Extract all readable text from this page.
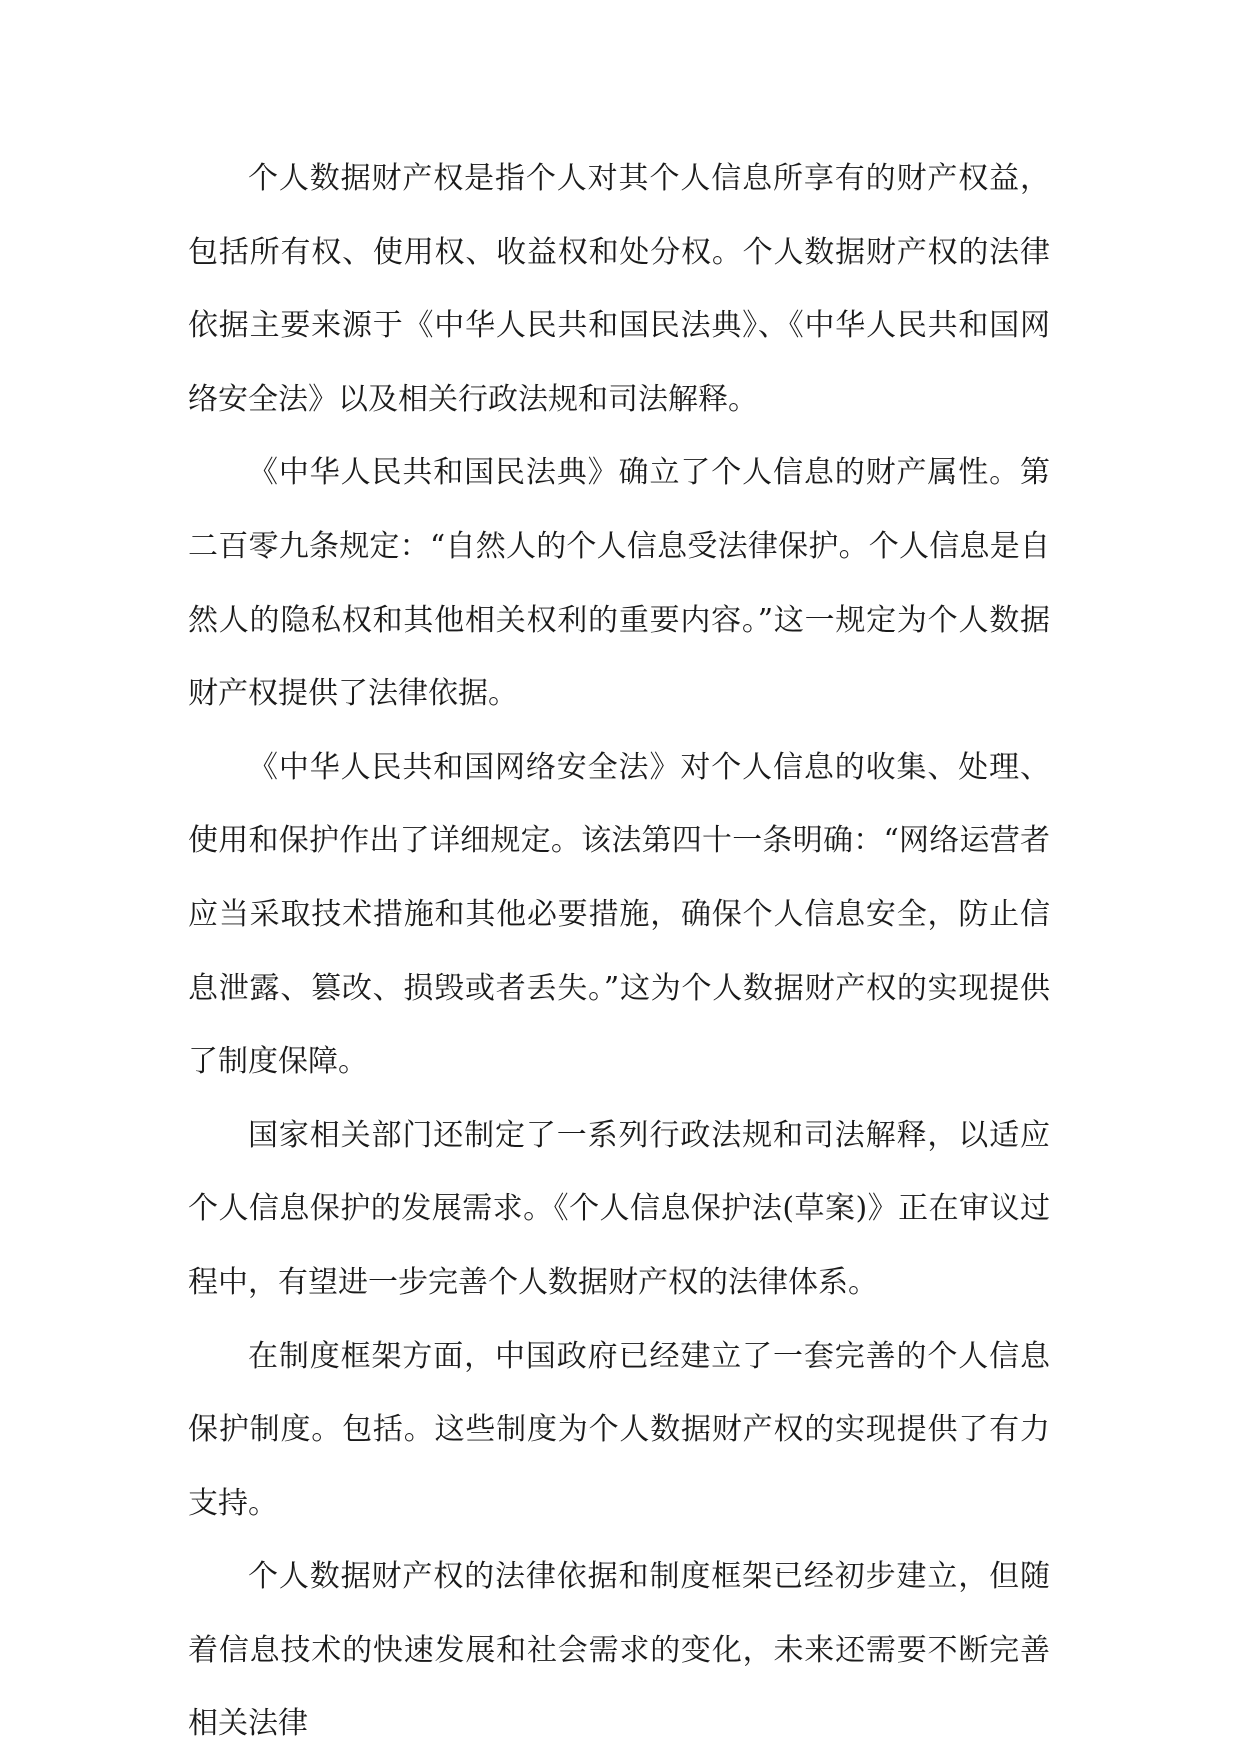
个人数据财产权是指个人对其个人信息所享有的财产权益，包括所有权、使用权、收益权和处分权。个人数据财产权的法律依据主要来源于《中华人民共和国民法典》、《中华人民共和国网络安全法》以及相关行政法规和司法解释。

《中华人民共和国民法典》确立了个人信息的财产属性。第二百零九条规定：“自然人的个人信息受法律保护。个人信息是自然人的隐私权和其他相关权利的重要内容。”这一规定为个人数据财产权提供了法律依据。

《中华人民共和国网络安全法》对个人信息的收集、处理、使用和保护作出了详细规定。该法第四十一条明确：“网络运营者应当采取技术措施和其他必要措施，确保个人信息安全，防止信息泄露、篡改、损毁或者丢失。”这为个人数据财产权的实现提供了制度保障。

国家相关部门还制定了一系列行政法规和司法解释，以适应个人信息保护的发展需求。《个人信息保护法(草案)》正在审议过程中，有望进一步完善个人数据财产权的法律体系。

在制度框架方面，中国政府已经建立了一套完善的个人信息保护制度。包括。这些制度为个人数据财产权的实现提供了有力支持。

个人数据财产权的法律依据和制度框架已经初步建立，但随着信息技术的快速发展和社会需求的变化，未来还需要不断完善相关法律
